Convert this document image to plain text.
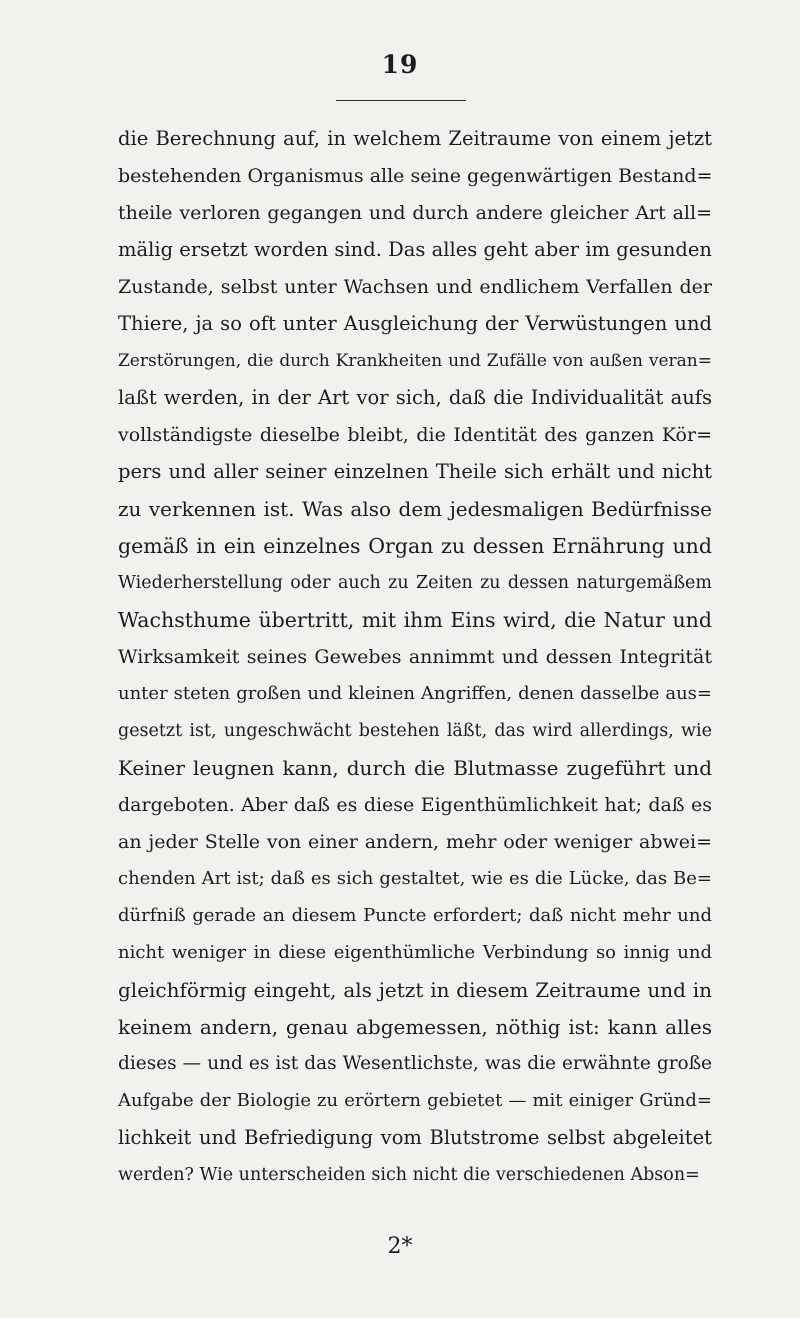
19
die Berechnung auf, in welchem Zeitraume von einem jetzt
bestehenden Organismus alle seine gegenwärtigen Bestand=
theile verloren gegangen und durch andere gleicher Art all=
mälig ersetzt worden sind. Das alles geht aber im gesunden
Zustande, selbst unter Wachsen und endlichem Verfallen der
Thiere, ja so oft unter Ausgleichung der Verwüstungen und
Zerstörungen, die durch Krankheiten und Zufälle von außen veran=
laßt werden, in der Art vor sich, daß die Individualität aufs
vollständigste dieselbe bleibt, die Identität des ganzen Kör=
pers und aller seiner einzelnen Theile sich erhält und nicht
zu verkennen ist. Was also dem jedesmaligen Bedürfnisse
gemäß in ein einzelnes Organ zu dessen Ernährung und
Wiederherstellung oder auch zu Zeiten zu dessen naturgemäßem
Wachsthume übertritt, mit ihm Eins wird, die Natur und
Wirksamkeit seines Gewebes annimmt und dessen Integrität
unter steten großen und kleinen Angriffen, denen dasselbe aus=
gesetzt ist, ungeschwächt bestehen läßt, das wird allerdings, wie
Keiner leugnen kann, durch die Blutmasse zugeführt und
dargeboten. Aber daß es diese Eigenthümlichkeit hat; daß es
an jeder Stelle von einer andern, mehr oder weniger abwei=
chenden Art ist; daß es sich gestaltet, wie es die Lücke, das Be=
dürfniß gerade an diesem Puncte erfordert; daß nicht mehr und
nicht weniger in diese eigenthümliche Verbindung so innig und
gleichförmig eingeht, als jetzt in diesem Zeitraume und in
keinem andern, genau abgemessen, nöthig ist: kann alles
dieses — und es ist das Wesentlichste, was die erwähnte große
Aufgabe der Biologie zu erörtern gebietet — mit einiger Gründ=
lichkeit und Befriedigung vom Blutstrome selbst abgeleitet
werden? Wie unterscheiden sich nicht die verschiedenen Abson=
2*
